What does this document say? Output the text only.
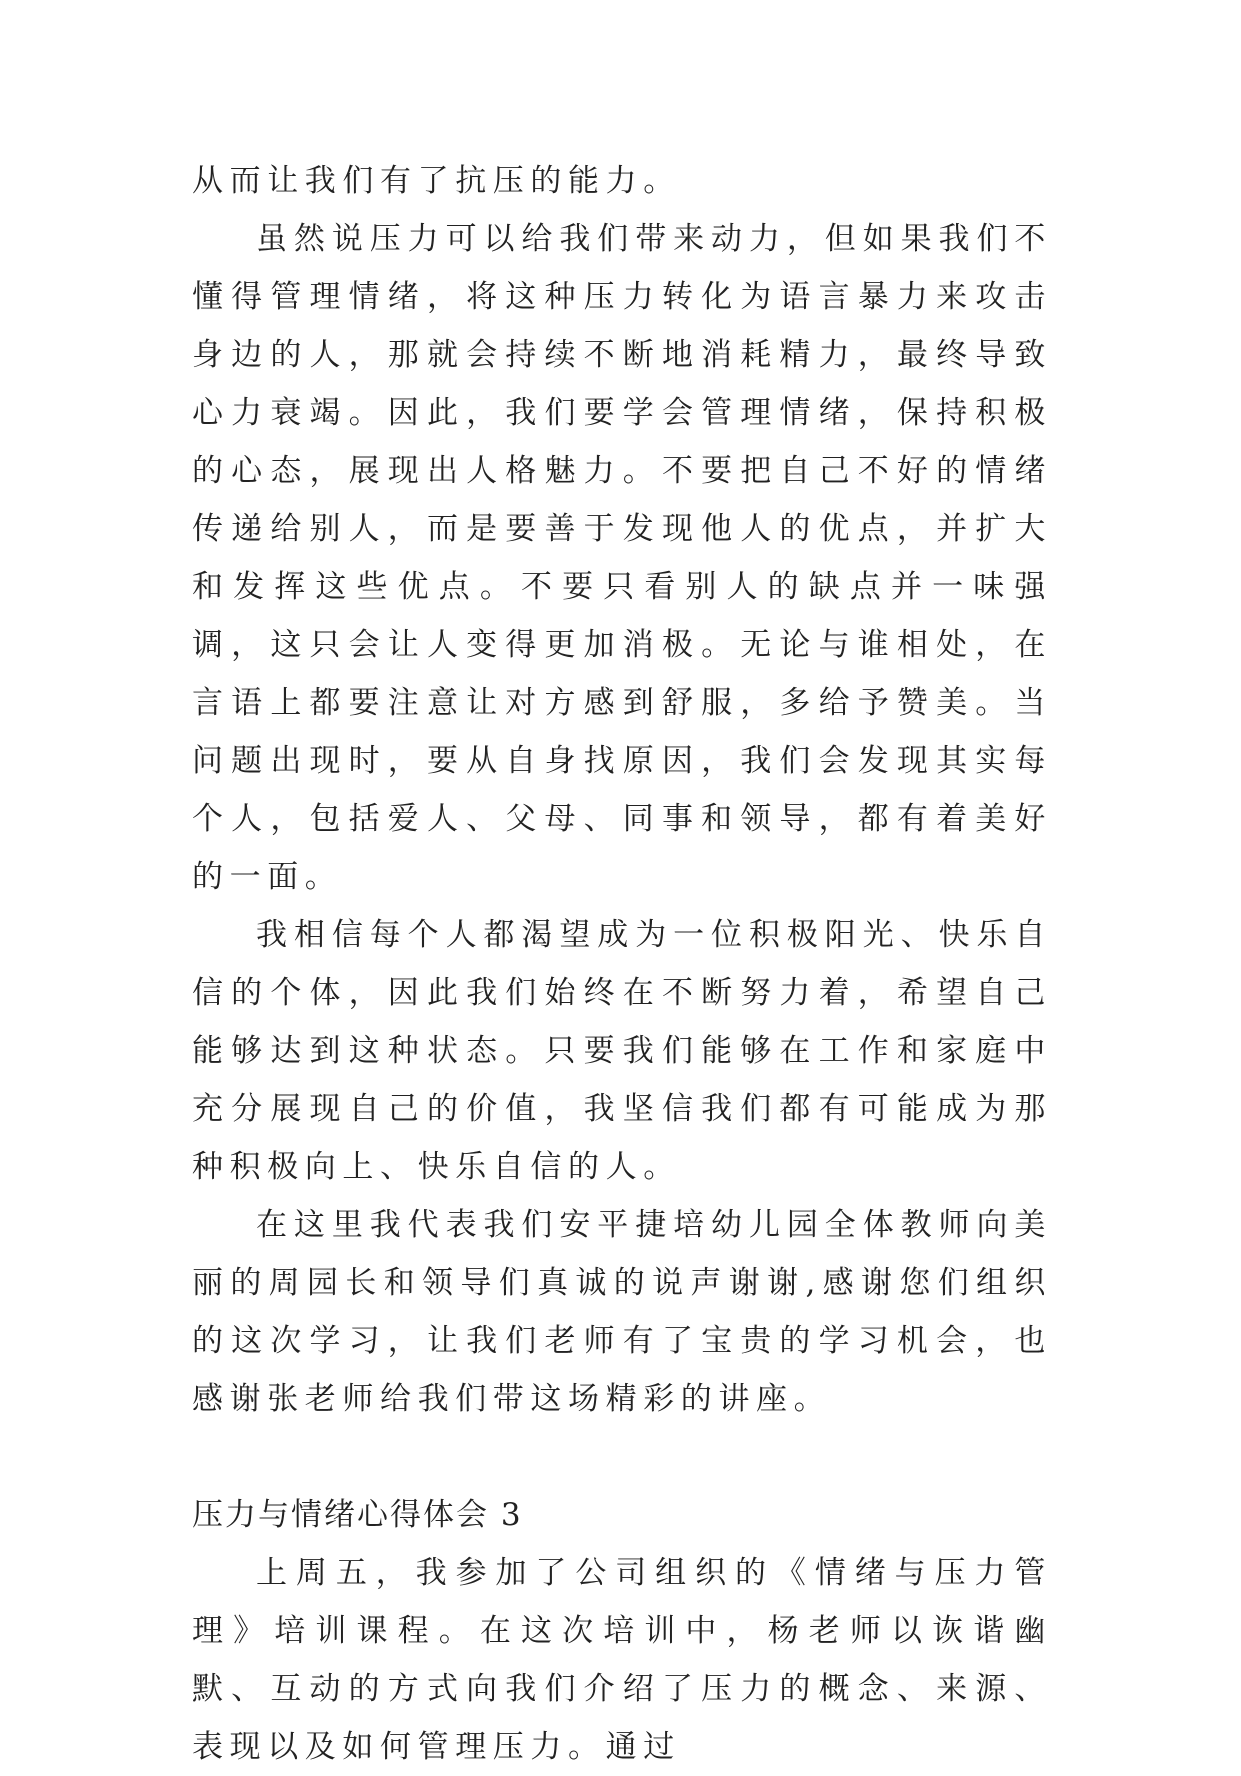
从而让我们有了抗压的能力。

虽然说压力可以给我们带来动力，但如果我们不懂得管理情绪，将这种压力转化为语言暴力来攻击身边的人，那就会持续不断地消耗精力，最终导致心力衰竭。因此，我们要学会管理情绪，保持积极的心态，展现出人格魅力。不要把自己不好的情绪传递给别人，而是要善于发现他人的优点，并扩大和发挥这些优点。不要只看别人的缺点并一味强调，这只会让人变得更加消极。无论与谁相处，在言语上都要注意让对方感到舒服，多给予赞美。当问题出现时，要从自身找原因，我们会发现其实每个人，包括爱人、父母、同事和领导，都有着美好的一面。

我相信每个人都渴望成为一位积极阳光、快乐自信的个体，因此我们始终在不断努力着，希望自己能够达到这种状态。只要我们能够在工作和家庭中充分展现自己的价值，我坚信我们都有可能成为那种积极向上、快乐自信的人。

在这里我代表我们安平捷培幼儿园全体教师向美丽的周园长和领导们真诚的说声谢谢,感谢您们组织的这次学习，让我们老师有了宝贵的学习机会，也感谢张老师给我们带这场精彩的讲座。

压力与情绪心得体会 3

上周五，我参加了公司组织的《情绪与压力管理》培训课程。在这次培训中，杨老师以诙谐幽默、互动的方式向我们介绍了压力的概念、来源、表现以及如何管理压力。通过
